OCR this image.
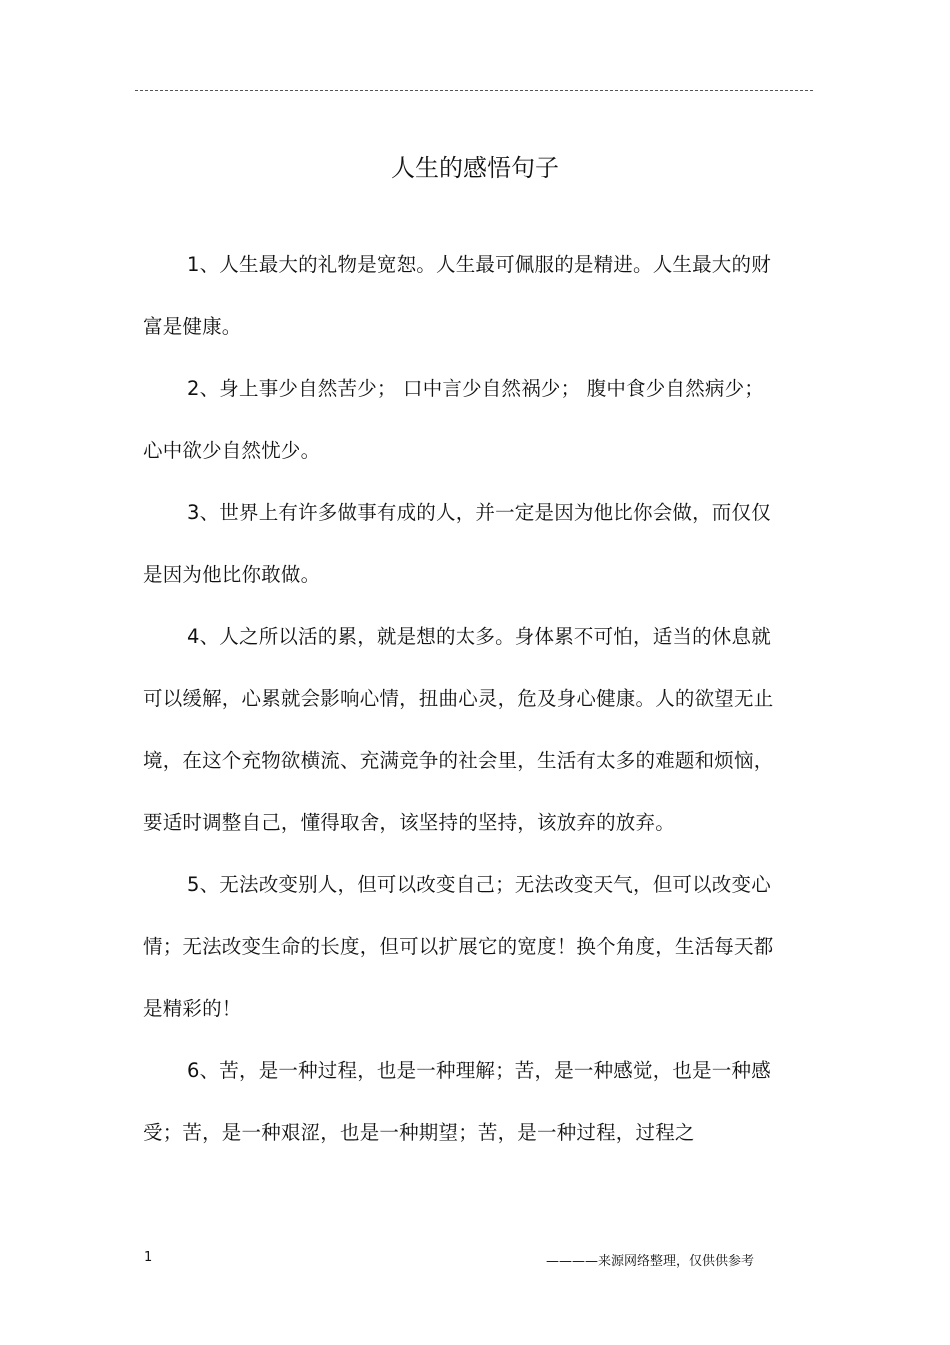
人生的感悟句子

1、人生最大的礼物是宽恕。人生最可佩服的是精进。人生最大的财富是健康。

2、身上事少自然苦少； 口中言少自然祸少； 腹中食少自然病少；心中欲少自然忧少。

3、世界上有许多做事有成的人，并一定是因为他比你会做，而仅仅是因为他比你敢做。

4、人之所以活的累，就是想的太多。身体累不可怕，适当的休息就可以缓解，心累就会影响心情，扭曲心灵，危及身心健康。人的欲望无止境，在这个充物欲横流、充满竞争的社会里，生活有太多的难题和烦恼，要适时调整自己，懂得取舍，该坚持的坚持，该放弃的放弃。

5、无法改变别人，但可以改变自己；无法改变天气，但可以改变心情；无法改变生命的长度，但可以扩展它的宽度！换个角度，生活每天都是精彩的！

6、苦，是一种过程，也是一种理解；苦，是一种感觉，也是一种感受；苦，是一种艰涩，也是一种期望；苦，是一种过程，过程之

1	————来源网络整理，仅供供参考
